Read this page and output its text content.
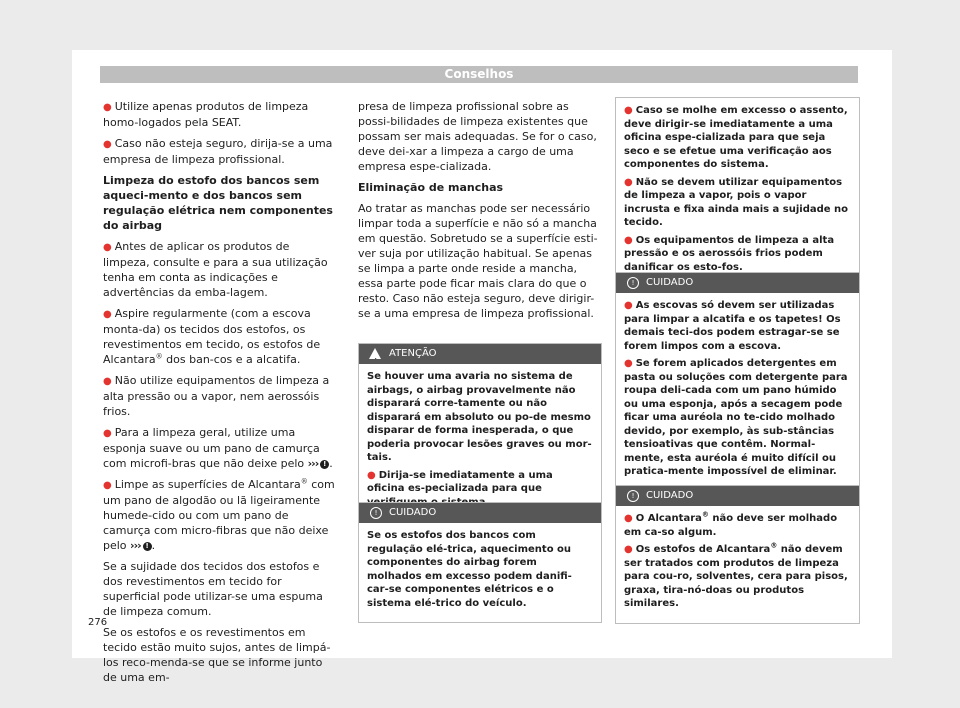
Conselhos

● Utilize apenas produtos de limpeza homo-logados pela SEAT.

● Caso não esteja seguro, dirija-se a uma empresa de limpeza profissional.

Limpeza do estofo dos bancos sem aqueci-mento e dos bancos sem regulação elétrica nem componentes do airbag

● Antes de aplicar os produtos de limpeza, consulte e para a sua utilização tenha em conta as indicações e advertências da emba-lagem.

● Aspire regularmente (com a escova monta-da) os tecidos dos estofos, os revestimentos em tecido, os estofos de Alcantara® dos ban-cos e a alcatifa.

● Não utilize equipamentos de limpeza a alta pressão ou a vapor, nem aerossóis frios.

● Para a limpeza geral, utilize uma esponja suave ou um pano de camurça com microfi-bras que não deixe pelo ››› ! .

● Limpe as superfícies de Alcantara® com um pano de algodão ou lã ligeiramente humede-cido ou com um pano de camurça com micro-fibras que não deixe pelo ››› ! .

Se a sujidade dos tecidos dos estofos e dos revestimentos em tecido for superficial pode utilizar-se uma espuma de limpeza comum.

Se os estofos e os revestimentos em tecido estão muito sujos, antes de limpá-los reco-menda-se que se informe junto de uma em-

presa de limpeza profissional sobre as possi-bilidades de limpeza existentes que possam ser mais adequadas. Se for o caso, deve dei-xar a limpeza a cargo de uma empresa espe-cializada.

Eliminação de manchas

Ao tratar as manchas pode ser necessário limpar toda a superfície e não só a mancha em questão. Sobretudo se a superfície esti-ver suja por utilização habitual. Se apenas se limpa a parte onde reside a mancha, essa parte pode ficar mais clara do que o resto. Caso não esteja seguro, deve dirigir-se a uma empresa de limpeza profissional.

!
ATENÇÃO

Se houver uma avaria no sistema de airbags, o airbag provavelmente não disparará corre-tamente ou não disparará em absoluto ou po-de mesmo disparar de forma inesperada, o que poderia provocar lesões graves ou mor-tais.

● Dirija-se imediatamente a uma oficina es-pecializada para que

!	CUIDADO

Se os estofos dos bancos com regulação elé-trica, aquecimento ou componentes do airbag forem molhados em excesso podem danifi-car-se componentes elétricos e o sistema elé-trico do veículo.

● Caso se molhe em excesso o assento, deve dirigir-se imediatamente a uma oficina espe-cializada para que seja seco e se efetue uma verificação aos componentes do sistema.

● Não se devem utilizar equipamentos de limpeza a vapor, pois o vapor incrusta e fixa ainda mais a sujidade no tecido.

● Os equipamentos de limpeza a alta pressão e os aerossóis frios podem danificar os esto-fos.

!	CUIDADO

● As escovas só devem ser utilizadas para limpar a alcatifa e os tapetes! Os demais teci-dos podem estragar-se se forem limpos com a escova.

● Se forem aplicados detergentes em pasta ou soluções com detergente para roupa deli-cada com um pano húmido ou uma esponja, após a secagem pode ficar uma auréola no te-cido molhado devido, por exemplo, às sub-stâncias tensioativas que contêm. Normal-mente, esta auréola é muito difícil ou pratica-mente impossível de eliminar.

!	CUIDADO

● O Alcantara® não deve ser molhado em ca-so algum.

● Os estofos de Alcantara® não devem ser tratados com produtos de limpeza para cou-ro, solventes, cera para pisos, graxa, tira-nó-doas ou produtos similares.

276
